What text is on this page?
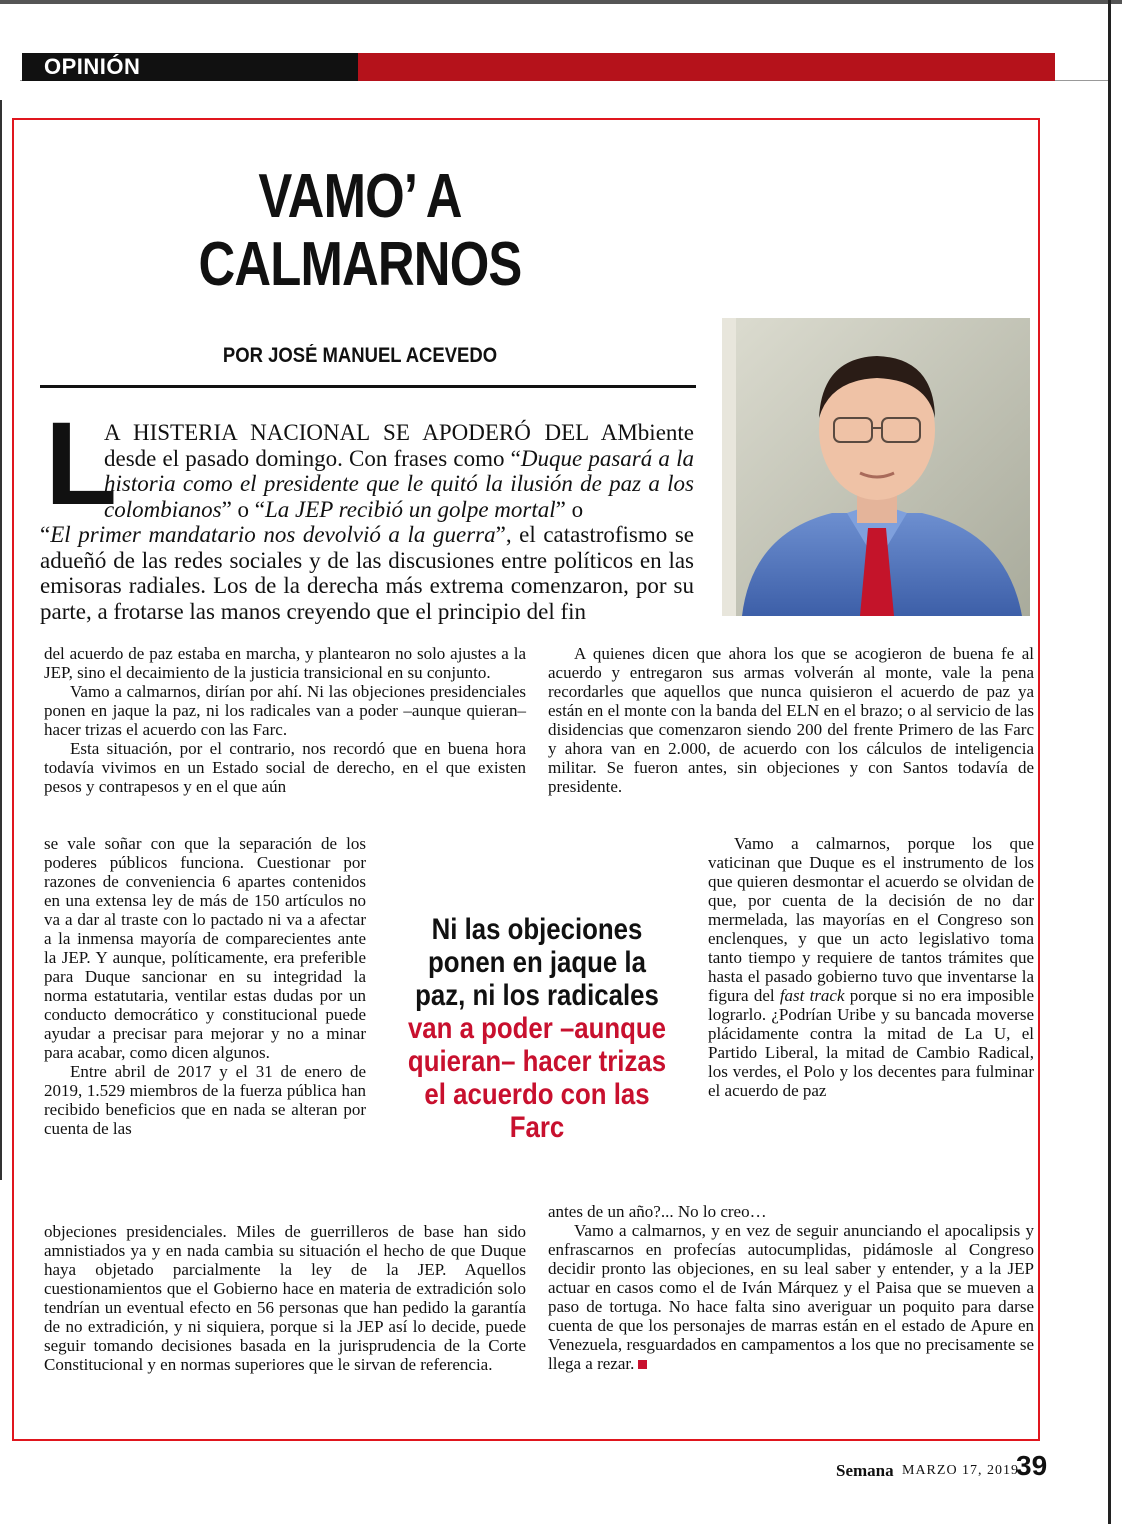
OPINIÓN
VAMO’ A
CALMARNOS
POR JOSÉ MANUEL ACEVEDO
L
A HISTERIA NACIONAL SE APODERÓ DEL AMbiente desde el pasado domingo. Con frases como “Duque pasará a la historia como el presidente que le quitó la ilusión de paz a los colombianos” o “La JEP recibió un golpe mortal” o
“El primer mandatario nos devolvió a la guerra”, el catastrofismo se adueñó de las redes sociales y de las discusiones entre políticos en las emisoras radiales. Los de la derecha más extrema comenzaron, por su parte, a frotarse las manos creyendo que el principio del fin

del acuerdo de paz estaba en marcha, y plantearon no solo ajustes a la JEP, sino el decaimiento de la justicia transicional en su conjunto.

Vamo a calmarnos, dirían por ahí. Ni las objeciones presidenciales ponen en jaque la paz, ni los radicales van a poder –aunque quieran– hacer trizas el acuerdo con las Farc.

Esta situación, por el contrario, nos recordó que en buena hora todavía vivimos en un Estado social de derecho, en el que existen pesos y contrapesos y en el que aún

se vale soñar con que la separación de los poderes públicos funciona. Cuestionar por razones de conveniencia 6 apartes contenidos en una extensa ley de más de 150 artículos no va a dar al traste con lo pactado ni va a afectar a la inmensa mayoría de comparecientes ante la JEP. Y aunque, políticamente, era preferible para Duque sancionar en su integridad la norma estatutaria, ventilar estas dudas por un conducto democrático y constitucional puede ayudar a precisar para mejorar y no a minar para acabar, como dicen algunos.

Entre abril de 2017 y el 31 de enero de 2019, 1.529 miembros de la fuerza pública han recibido beneficios que en nada se alteran por cuenta de las

objeciones presidenciales. Miles de guerrilleros de base han sido amnistiados ya y en nada cambia su situación el hecho de que Duque haya objetado parcialmente la ley de la JEP. Aquellos cuestionamientos que el Gobierno hace en materia de extradición solo tendrían un eventual efecto en 56 personas que han pedido la garantía de no extradición, y ni siquiera, porque si la JEP así lo decide, puede seguir tomando decisiones basada en la jurisprudencia de la Corte Constitucional y en normas superiores que le sirvan de referencia.

A quienes dicen que ahora los que se acogieron de buena fe al acuerdo y entregaron sus armas volverán al monte, vale la pena recordarles que aquellos que nunca quisieron el acuerdo de paz ya están en el monte con la banda del ELN en el brazo; o al servicio de las disidencias que comenzaron siendo 200 del frente Primero de las Farc y ahora van en 2.000, de acuerdo con los cálculos de inteligencia militar. Se fueron antes, sin objeciones y con Santos todavía de presidente.

Vamo a calmarnos, porque los que vaticinan que Duque es el instrumento de los que quieren desmontar el acuerdo se olvidan de que, por cuenta de la decisión de no dar mermelada, las mayorías en el Congreso son enclenques, y que un acto legislativo toma tanto tiempo y requiere de tantos trámites que hasta el pasado gobierno tuvo que inventarse la figura del fast track porque si no era imposible lograrlo. ¿Podrían Uribe y su bancada moverse plácidamente contra la mitad de La U, el Partido Liberal, la mitad de Cambio Radical, los verdes, el Polo y los decentes para fulminar el acuerdo de paz

antes de un año?... No lo creo…

Vamo a calmarnos, y en vez de seguir anunciando el apocalipsis y enfrascarnos en profecías autocumplidas, pidámosle al Congreso decidir pronto las objeciones, en su leal saber y entender, y a la JEP actuar en casos como el de Iván Márquez y el Paisa que se mueven a paso de tortuga. No hace falta sino averiguar un poquito para darse cuenta de que los personajes de marras están en el estado de Apure en Venezuela, resguardados en campamentos a los que no precisamente se llega a rezar.

Ni las objeciones ponen en jaque la paz, ni los radicales van a poder –aunque quieran– hacer trizas el acuerdo con las Farc
Semana MARZO 17, 2019
39
